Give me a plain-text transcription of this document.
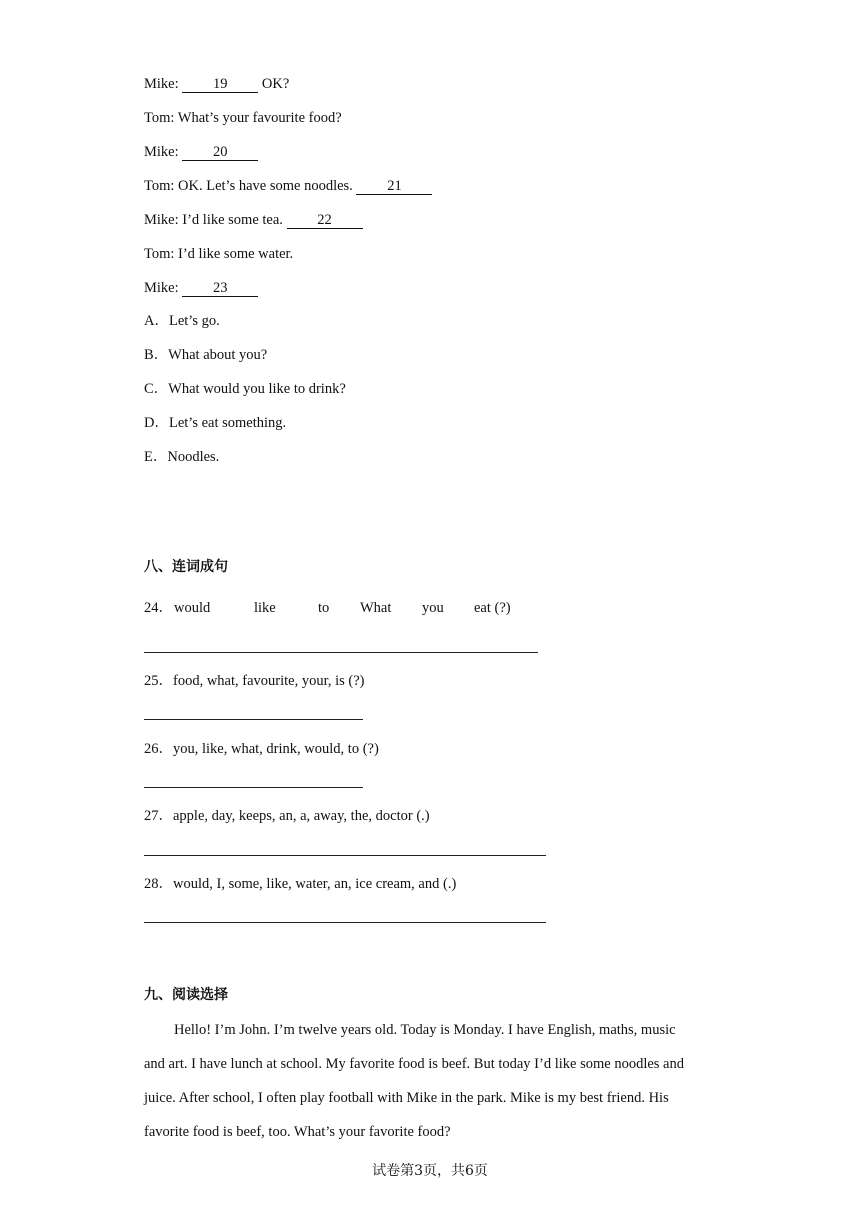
Mike: 19 OK?
Tom: What’s your favourite food?
Mike: 20
Tom: OK. Let’s have some noodles. 21
Mike: I’d like some tea. 22
Tom: I’d like some water.
Mike: 23
A．Let’s go.
B．What about you?
C．What would you like to drink?
D．Let’s eat something.
E．Noodles.
八、连词成句
24． would	like	to What you eat (?)
25．food, what, favourite, your, is (?)
26．you, like, what, drink, would, to (?)
27．apple, day, keeps, an, a, away, the, doctor (.)
28．would, I, some, like, water, an, ice cream, and (.)
九、阅读选择

Hello! I’m John. I’m twelve years old. Today is Monday. I have English, maths, music

and art. I have lunch at school. My favorite food is beef. But today I’d like some noodles and

juice. After school, I often play football with Mike in the park. Mike is my best friend. His

favorite food is beef, too. What’s your favorite food?

试卷第3页，共6页
